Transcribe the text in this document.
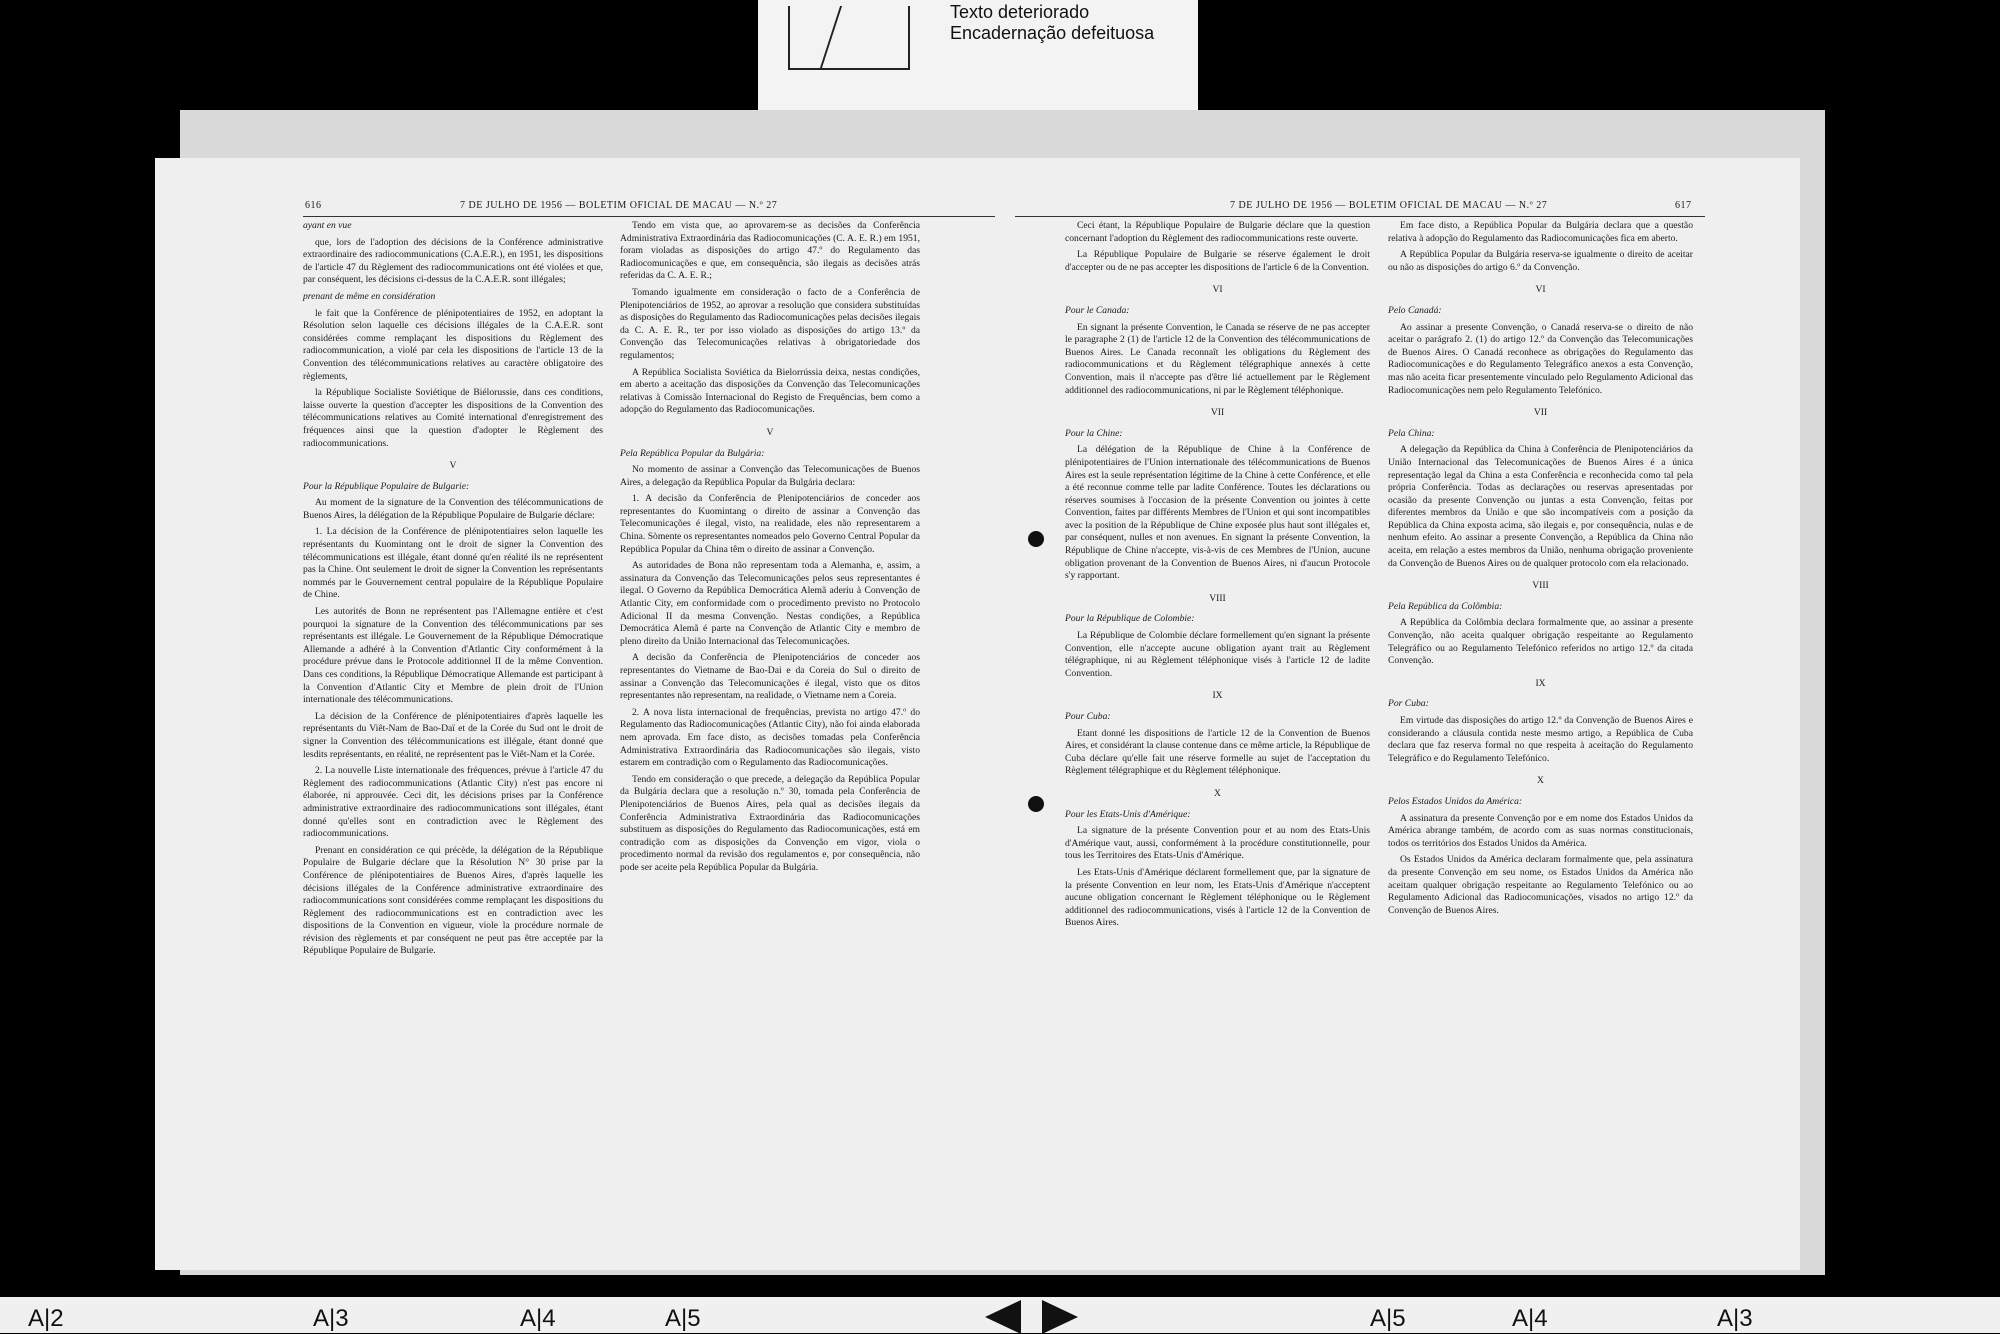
Texto deteriorado
Encadernação defeituosa
616	7 DE JULHO DE 1956 — BOLETIM OFICIAL DE MACAU — N.º 27

ayant en vue

que, lors de l'adoption des décisions de la Conférence administrative extraordinaire des radiocommunications (C.A.E.R.), en 1951, les dispositions de l'article 47 du Règlement des radiocommunications ont été violées et que, par conséquent, les décisions ci-dessus de la C.A.E.R. sont illégales;

prenant de même en considération

le fait que la Conférence de plénipotentiaires de 1952, en adoptant la Résolution selon laquelle ces décisions illégales de la C.A.E.R. sont considérées comme remplaçant les dispositions du Règlement des radiocommunication, a violé par cela les dispositions de l'article 13 de la Convention des télécommunications relatives au caractère obligatoire des règlements,

la République Socialiste Soviétique de Biélorussie, dans ces conditions, laisse ouverte la question d'accepter les dispositions de la Convention des télécommunications relatives au Comité international d'enregistrement des fréquences ainsi que la question d'adopter le Règlement des radiocommunications.

V

Pour la République Populaire de Bulgarie:

Au moment de la signature de la Convention des télécommunications de Buenos Aires, la délégation de la République Populaire de Bulgarie déclare:

1. La décision de la Conférence de plénipotentiaires selon laquelle les représentants du Kuomintang ont le droit de signer la Convention des télécommunications est illégale, étant donné qu'en réalité ils ne représentent pas la Chine. Ont seulement le droit de signer la Convention les représentants nommés par le Gouvernement central populaire de la République Populaire de Chine.

Les autorités de Bonn ne représentent pas l'Allemagne entière et c'est pourquoi la signature de la Convention des télécommunications par ses représentants est illégale. Le Gouvernement de la République Démocratique Allemande a adhéré à la Convention d'Atlantic City conformément à la procédure prévue dans le Protocole additionnel II de la même Convention. Dans ces conditions, la République Démocratique Allemande est participant à la Convention d'Atlantic City et Membre de plein droit de l'Union internationale des télécommunications.

La décision de la Conférence de plénipotentiaires d'après laquelle les représentants du Viêt-Nam de Bao-Daï et de la Corée du Sud ont le droit de signer la Convention des télécommunications est illégale, étant donné que lesdits représentants, en réalité, ne représentent pas le Viêt-Nam et la Corée.

2. La nouvelle Liste internationale des fréquences, prévue à l'article 47 du Règlement des radiocommunications (Atlantic City) n'est pas encore ni élaborée, ni approuvée. Ceci dit, les décisions prises par la Conférence administrative extraordinaire des radiocommunications sont illégales, étant donné qu'elles sont en contradiction avec le Règlement des radiocommunications.

Prenant en considération ce qui précède, la délégation de la République Populaire de Bulgarie déclare que la Résolution N° 30 prise par la Conférence de plénipotentiaires de Buenos Aires, d'après laquelle les décisions illégales de la Conférence administrative extraordinaire des radiocommunications sont considérées comme remplaçant les dispositions du Règlement des radiocommunications est en contradiction avec les dispositions de la Convention en vigueur, viole la procédure normale de révision des règlements et par conséquent ne peut pas être acceptée par la République Populaire de Bulgarie.

Tendo em vista que, ao aprovarem-se as decisões da Conferência Administrativa Extraordinária das Radiocomunicações (C. A. E. R.) em 1951, foram violadas as disposições do artigo 47.º do Regulamento das Radiocomunicações e que, em consequência, são ilegais as decisões atrás referidas da C. A. E. R.;

Tomando igualmente em consideração o facto de a Conferência de Plenipotenciários de 1952, ao aprovar a resolução que considera substituídas as disposições do Regulamento das Radiocomunicações pelas decisões ilegais da C. A. E. R., ter por isso violado as disposições do artigo 13.º da Convenção das Telecomunicações relativas à obrigatoriedade dos regulamentos;

A República Socialista Soviética da Bielorrússia deixa, nestas condições, em aberto a aceitação das disposições da Convenção das Telecomunicações relativas à Comissão Internacional do Registo de Frequências, bem como a adopção do Regulamento das Radiocomunicações.

V

Pela República Popular da Bulgária:

No momento de assinar a Convenção das Telecomunicações de Buenos Aires, a delegação da República Popular da Bulgária declara:

1. A decisão da Conferência de Plenipotenciários de conceder aos representantes do Kuomintang o direito de assinar a Convenção das Telecomunicações é ilegal, visto, na realidade, eles não representarem a China. Sòmente os representantes nomeados pelo Governo Central Popular da República Popular da China têm o direito de assinar a Convenção.

As autoridades de Bona não representam toda a Alemanha, e, assim, a assinatura da Convenção das Telecomunicações pelos seus representantes é ilegal. O Governo da República Democrática Alemã aderiu à Convenção de Atlantic City, em conformidade com o procedimento previsto no Protocolo Adicional II da mesma Convenção. Nestas condições, a República Democrática Alemã é parte na Convenção de Atlantic City e membro de pleno direito da União Internacional das Telecomunicações.

A decisão da Conferência de Plenipotenciários de conceder aos representantes do Vietname de Bao-Dai e da Coreia do Sul o direito de assinar a Convenção das Telecomunicações é ilegal, visto que os ditos representantes não representam, na realidade, o Vietname nem a Coreia.

2. A nova lista internacional de frequências, prevista no artigo 47.º do Regulamento das Radiocomunicações (Atlantic City), não foi ainda elaborada nem aprovada. Em face disto, as decisões tomadas pela Conferência Administrativa Extraordinária das Radiocomunicações são ilegais, visto estarem em contradição com o Regulamento das Radiocomunicações.

Tendo em consideração o que precede, a delegação da República Popular da Bulgária declara que a resolução n.º 30, tomada pela Conferência de Plenipotenciários de Buenos Aires, pela qual as decisões ilegais da Conferência Administrativa Extraordinária das Radiocomunicações substituem as disposições do Regulamento das Radiocomunicações, está em contradição com as disposições da Convenção em vigor, viola o procedimento normal da revisão dos regulamentos e, por consequência, não pode ser aceite pela República Popular da Bulgária.

7 DE JULHO DE 1956 — BOLETIM OFICIAL DE MACAU — N.º 27	617

Ceci étant, la République Populaire de Bulgarie déclare que la question concernant l'adoption du Règlement des radiocommunications reste ouverte.

La République Populaire de Bulgarie se réserve également le droit d'accepter ou de ne pas accepter les dispositions de l'article 6 de la Convention.

VI

Pour le Canada:

En signant la présente Convention, le Canada se réserve de ne pas accepter le paragraphe 2 (1) de l'article 12 de la Convention des télécommunications de Buenos Aires. Le Canada reconnaît les obligations du Règlement des radiocommunications et du Règlement télégraphique annexés à cette Convention, mais il n'accepte pas d'être lié actuellement par le Règlement additionnel des radiocommunications, ni par le Règlement téléphonique.

VII

Pour la Chine:

La délégation de la République de Chine à la Conférence de plénipotentiaires de l'Union internationale des télécommunications de Buenos Aires est la seule représentation légitime de la Chine à cette Conférence, et elle a été reconnue comme telle par ladite Conférence. Toutes les déclarations ou réserves soumises à l'occasion de la présente Convention ou jointes à cette Convention, faites par différents Membres de l'Union et qui sont incompatibles avec la position de la République de Chine exposée plus haut sont illégales et, par conséquent, nulles et non avenues. En signant la présente Convention, la République de Chine n'accepte, vis-à-vis de ces Membres de l'Union, aucune obligation provenant de la Convention de Buenos Aires, ni d'aucun Protocole s'y rapportant.

VIII

Pour la République de Colombie:

La République de Colombie déclare formellement qu'en signant la présente Convention, elle n'accepte aucune obligation ayant trait au Règlement télégraphique, ni au Règlement téléphonique visés à l'article 12 de ladite Convention.

IX

Pour Cuba:

Etant donné les dispositions de l'article 12 de la Convention de Buenos Aires, et considérant la clause contenue dans ce même article, la République de Cuba déclare qu'elle fait une réserve formelle au sujet de l'acceptation du Règlement télégraphique et du Règlement téléphonique.

X

Pour les Etats-Unis d'Amérique:

La signature de la présente Convention pour et au nom des Etats-Unis d'Amérique vaut, aussi, conformément à la procédure constitutionnelle, pour tous les Territoires des Etats-Unis d'Amérique.

Les Etats-Unis d'Amérique déclarent formellement que, par la signature de la présente Convention en leur nom, les Etats-Unis d'Amérique n'acceptent aucune obligation concernant le Règlement téléphonique ou le Règlement additionnel des radiocommunications, visés à l'article 12 de la Convention de Buenos Aires.

Em face disto, a República Popular da Bulgária declara que a questão relativa à adopção do Regulamento das Radiocomunicações fica em aberto.

A República Popular da Bulgária reserva-se igualmente o direito de aceitar ou não as disposições do artigo 6.º da Convenção.

VI

Pelo Canadá:

Ao assinar a presente Convenção, o Canadá reserva-se o direito de não aceitar o parágrafo 2. (1) do artigo 12.º da Convenção das Telecomunicações de Buenos Aires. O Canadá reconhece as obrigações do Regulamento das Radiocomunicações e do Regulamento Telegráfico anexos a esta Convenção, mas não aceita ficar presentemente vinculado pelo Regulamento Adicional das Radiocomunicações nem pelo Regulamento Telefónico.

VII

Pela China:

A delegação da República da China à Conferência de Plenipotenciários da União Internacional das Telecomunicações de Buenos Aires é a única representação legal da China a esta Conferência e reconhecida como tal pela própria Conferência. Todas as declarações ou reservas apresentadas por ocasião da presente Convenção ou juntas a esta Convenção, feitas por diferentes membros da União e que são incompatíveis com a posição da República da China exposta acima, são ilegais e, por consequência, nulas e de nenhum efeito. Ao assinar a presente Convenção, a República da China não aceita, em relação a estes membros da União, nenhuma obrigação proveniente da Convenção de Buenos Aires ou de qualquer protocolo com ela relacionado.

VIII

Pela República da Colômbia:

A República da Colômbia declara formalmente que, ao assinar a presente Convenção, não aceita qualquer obrigação respeitante ao Regulamento Telegráfico ou ao Regulamento Telefónico referidos no artigo 12.º da citada Convenção.

IX

Por Cuba:

Em virtude das disposições do artigo 12.º da Convenção de Buenos Aires e considerando a cláusula contida neste mesmo artigo, a República de Cuba declara que faz reserva formal no que respeita à aceitação do Regulamento Telegráfico e do Regulamento Telefónico.

X

Pelos Estados Unidos da América:

A assinatura da presente Convenção por e em nome dos Estados Unidos da América abrange também, de acordo com as suas normas constitucionais, todos os territórios dos Estados Unidos da América.

Os Estados Unidos da América declaram formalmente que, pela assinatura da presente Convenção em seu nome, os Estados Unidos da América não aceitam qualquer obrigação respeitante ao Regulamento Telefónico ou ao Regulamento Adicional das Radiocomunicações, visados no artigo 12.º da Convenção de Buenos Aires.

A|2	A|3	A|4	A|5	A|5	A|4	A|3
